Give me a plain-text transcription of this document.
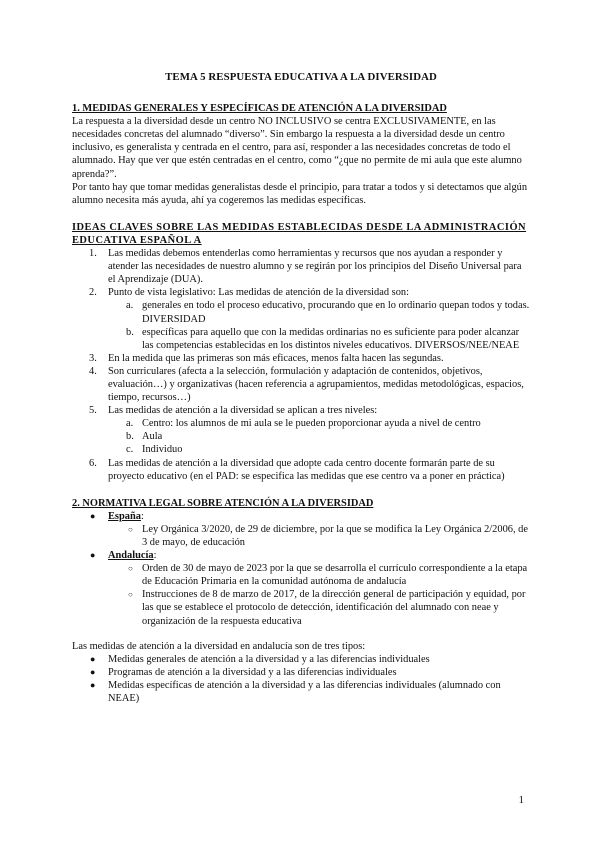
TEMA 5 RESPUESTA EDUCATIVA A LA DIVERSIDAD
1. MEDIDAS GENERALES Y ESPECÍFICAS DE ATENCIÓN A LA DIVERSIDAD

La respuesta a la diversidad desde un centro NO INCLUSIVO se centra EXCLUSIVAMENTE, en las necesidades concretas del alumnado “diverso”. Sin embargo la respuesta a la diversidad desde un centro inclusivo, es generalista y centrada en el centro, para así, responder a las necesidades concretas de todo el alumnado. Hay que ver que estén centradas en el centro, como “¿que no permite de mi aula que este alumno aprenda?”.

Por tanto hay que tomar medidas generalistas desde el principio, para tratar a todos y si detectamos que algún alumno necesita más ayuda, ahí ya cogeremos las medidas específicas.

IDEAS CLAVES SOBRE LAS MEDIDAS ESTABLECIDAS DESDE LA ADMINISTRACIÓN EDUCATIVA ESPAÑOL A
1. Las medidas debemos entenderlas como herramientas y recursos que nos ayudan a responder y atender las necesidades de nuestro alumno y se regirán por los principios del Diseño Universal para el Aprendizaje (DUA).
2. Punto de vista legislativo: Las medidas de atención de la diversidad son:
a. generales en todo el proceso educativo, procurando que en lo ordinario quepan todos y todas. DIVERSIDAD
b. específicas para aquello que con la medidas ordinarias no es suficiente para poder alcanzar las competencias establecidas en los distintos niveles educativos. DIVERSOS/NEE/NEAE
3. En la medida que las primeras son más eficaces, menos falta hacen las segundas.
4. Son curriculares (afecta a la selección, formulación y adaptación de contenidos, objetivos, evaluación…) y organizativas (hacen referencia a agrupamientos, medidas metodológicas, espacios, tiempo, recursos…)
5. Las medidas de atención a la diversidad se aplican a tres niveles:
a. Centro: los alumnos de mi aula se le pueden proporcionar ayuda a nivel de centro
b. Aula
c. Individuo
6. Las medidas de atención a la diversidad que adopte cada centro docente formarán parte de su proyecto educativo (en el PAD: se especifica las medidas que ese centro va a poner en práctica)
2. NORMATIVA LEGAL SOBRE ATENCIÓN A LA DIVERSIDAD
● España:
○ Ley Orgánica 3/2020, de 29 de diciembre, por la que se modifica la Ley Orgánica 2/2006, de 3 de mayo, de educación
● Andalucía:
○ Orden de 30 de mayo de 2023 por la que se desarrolla el currículo correspondiente a la etapa de Educación Primaria en la comunidad autónoma de andalucía
○ Instrucciones de 8 de marzo de 2017, de la dirección general de participación y equidad, por las que se establece el protocolo de detección, identificación del alumnado con neae y organización de la respuesta educativa

Las medidas de atención a la diversidad en andalucía son de tres tipos:

● Medidas generales de atención a la diversidad y a las diferencias individuales
● Programas de atención a la diversidad y a las diferencias individuales
● Medidas específicas de atención a la diversidad y a las diferencias individuales (alumnado con NEAE)
1
